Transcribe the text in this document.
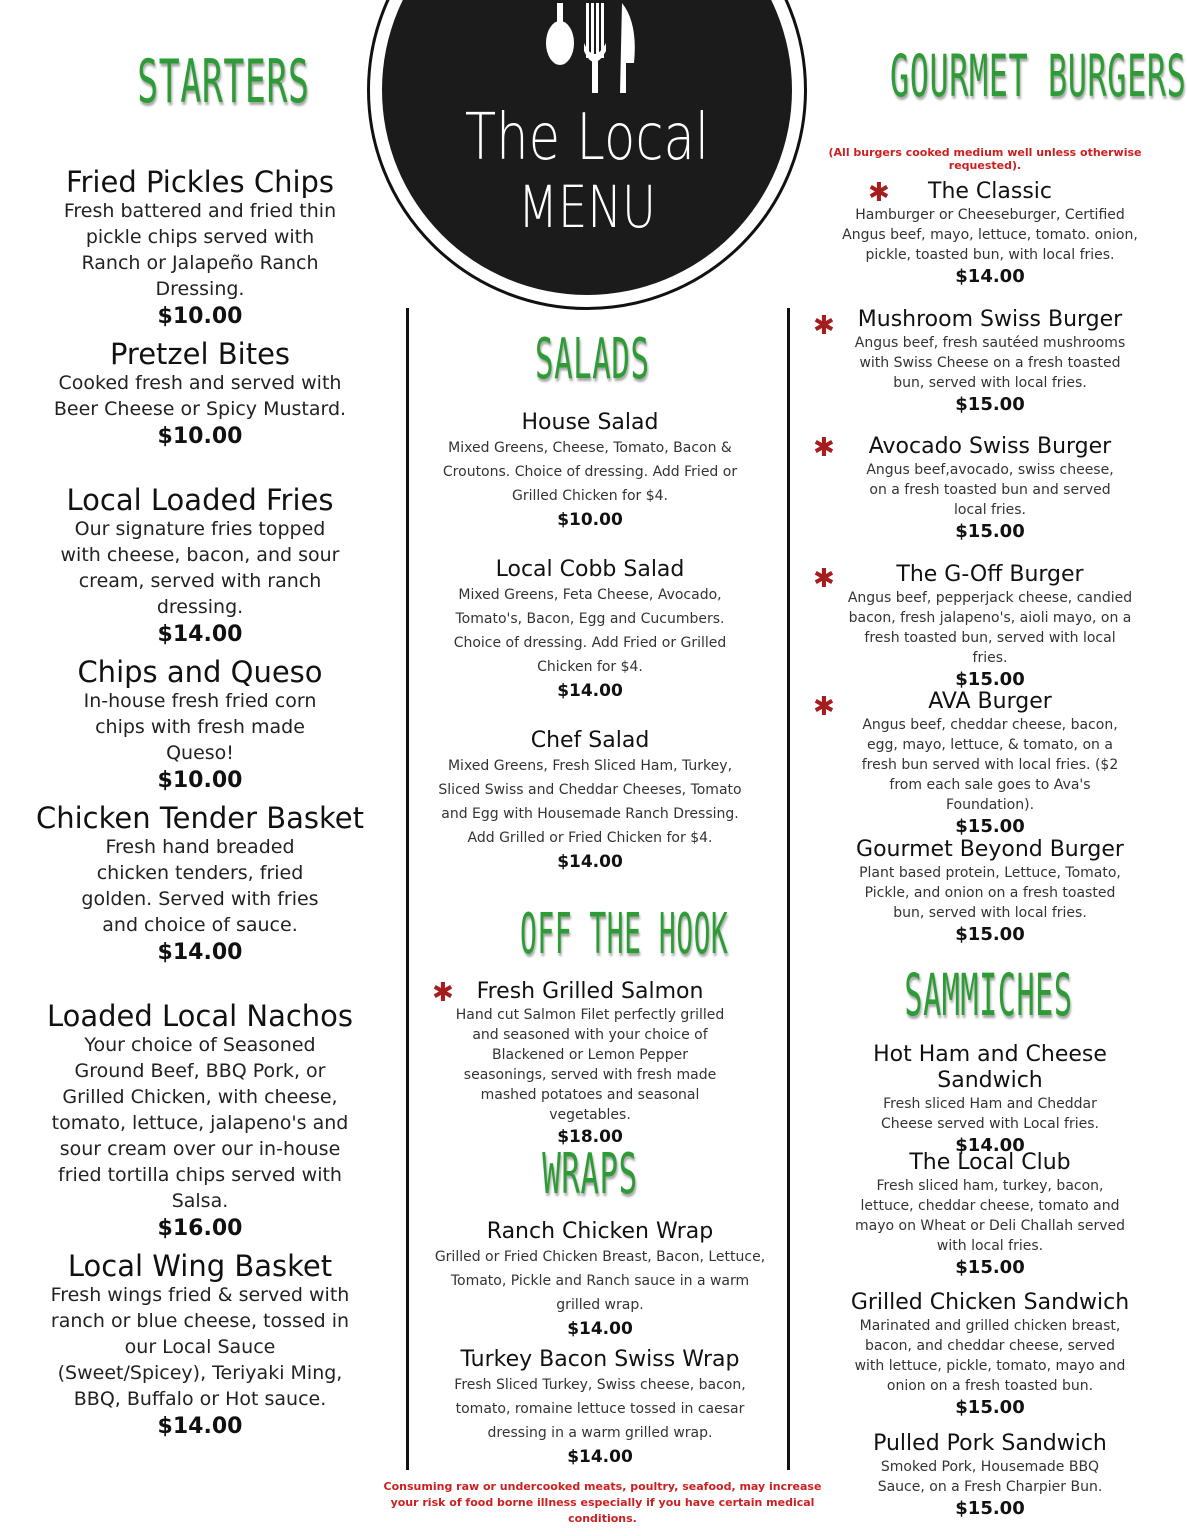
The Local
MENU
STARTERS	GOURMET BURGERS
SALADS
OFF THE HOOK
WRAPS
SAMMICHES
(All burgers cooked medium well unless otherwise requested).
Fried Pickles Chips

Fresh battered and fried thin pickle chips served with Ranch or Jalapeño Ranch Dressing.

$10.00
Pretzel Bites

Cooked fresh and served with Beer Cheese or Spicy Mustard.

$10.00
Local Loaded Fries

Our signature fries topped with cheese, bacon, and sour cream, served with ranch dressing.

$14.00
Chips and Queso

In-house fresh fried corn chips with fresh made Queso!

$10.00
Chicken Tender Basket

Fresh hand breaded chicken tenders, fried golden. Served with fries and choice of sauce.

$14.00
Loaded Local Nachos

Your choice of Seasoned Ground Beef, BBQ Pork, or Grilled Chicken, with cheese, tomato, lettuce, jalapeno's and sour cream over our in-house fried tortilla chips served with Salsa.

$16.00
Local Wing Basket

Fresh wings fried & served with ranch or blue cheese, tossed in our Local Sauce (Sweet/Spicey), Teriyaki Ming, BBQ, Buffalo or Hot sauce.

$14.00
House Salad

Mixed Greens, Cheese, Tomato, Bacon & Croutons. Choice of dressing. Add Fried or Grilled Chicken for $4.

$10.00
Local Cobb Salad

Mixed Greens, Feta Cheese, Avocado, Tomato's, Bacon, Egg and Cucumbers. Choice of dressing. Add Fried or Grilled Chicken for $4.

$14.00
Chef Salad

Mixed Greens, Fresh Sliced Ham, Turkey, Sliced Swiss and Cheddar Cheeses, Tomato and Egg with Housemade Ranch Dressing. Add Grilled or Fried Chicken for $4.

$14.00
✱	Fresh Grilled Salmon

Hand cut Salmon Filet perfectly grilled and seasoned with your choice of Blackened or Lemon Pepper seasonings, served with fresh made mashed potatoes and seasonal vegetables.

$18.00
Ranch Chicken Wrap

Grilled or Fried Chicken Breast, Bacon, Lettuce, Tomato, Pickle and Ranch sauce in a warm grilled wrap.

$14.00
Turkey Bacon Swiss Wrap

Fresh Sliced Turkey, Swiss cheese, bacon, tomato, romaine lettuce tossed in caesar dressing in a warm grilled wrap.

$14.00
Consuming raw or undercooked meats, poultry, seafood, may increase your risk of food borne illness especially if you have certain medical conditions.
✱	The Classic

Hamburger or Cheeseburger, Certified Angus beef, mayo, lettuce, tomato. onion, pickle, toasted bun, with local fries.

$14.00
✱	Mushroom Swiss Burger

Angus beef, fresh sautéed mushrooms with Swiss Cheese on a fresh toasted bun, served with local fries.

$15.00
✱	Avocado Swiss Burger

Angus beef,avocado, swiss cheese, on a fresh toasted bun and served local fries.

$15.00
✱	The G-Off Burger

Angus beef, pepperjack cheese, candied bacon, fresh jalapeno's, aioli mayo, on a fresh toasted bun, served with local fries.

$15.00
✱	AVA Burger

Angus beef, cheddar cheese, bacon, egg, mayo, lettuce, & tomato, on a fresh bun served with local fries. ($2 from each sale goes to Ava's Foundation).

$15.00
Gourmet Beyond Burger

Plant based protein, Lettuce, Tomato, Pickle, and onion on a fresh toasted bun, served with local fries.

$15.00
Hot Ham and Cheese Sandwich

Fresh sliced Ham and Cheddar Cheese served with Local fries.

$14.00
The Local Club

Fresh sliced ham, turkey, bacon, lettuce, cheddar cheese, tomato and mayo on Wheat or Deli Challah served with local fries.

$15.00
Grilled Chicken Sandwich

Marinated and grilled chicken breast, bacon, and cheddar cheese, served with lettuce, pickle, tomato, mayo and onion on a fresh toasted bun.

$15.00
Pulled Pork Sandwich

Smoked Pork, Housemade BBQ Sauce, on a Fresh Charpier Bun.

$15.00
